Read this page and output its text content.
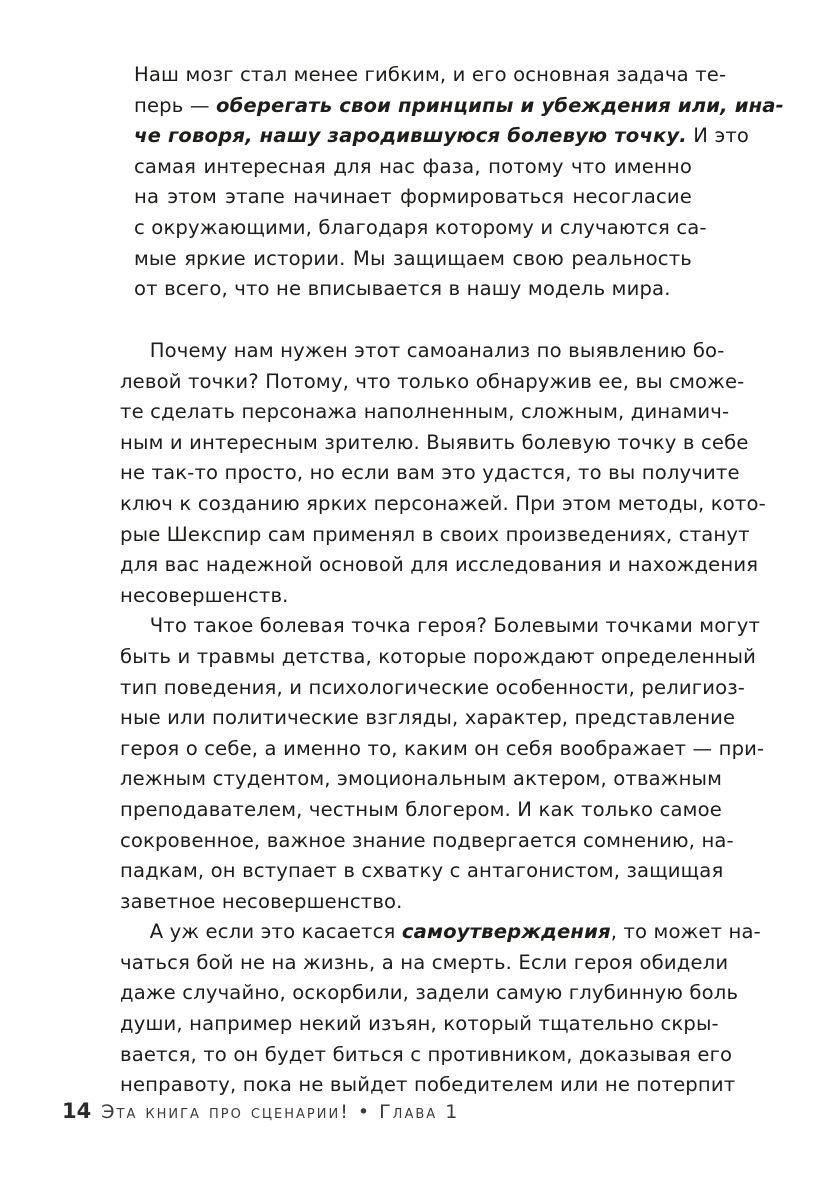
Наш мозг стал менее гибким, и его основная задача те-
перь — оберегать свои принципы и убеждения или, ина-
че говоря, нашу зародившуюся болевую точку. И это
самая интересная для нас фаза, потому что именно
на этом этапе начинает формироваться несогласие
с окружающими, благодаря которому и случаются са-
мые яркие истории. Мы защищаем свою реальность
от всего, что не вписывается в нашу модель мира.

  Почему нам нужен этот самоанализ по выявлению бо-
левой точки? Потому, что только обнаружив ее, вы сможе-
те сделать персонажа наполненным, сложным, динамич-
ным и интересным зрителю. Выявить болевую точку в себе
не так-то просто, но если вам это удастся, то вы получите
ключ к созданию ярких персонажей. При этом методы, кото-
рые Шекспир сам применял в своих произведениях, станут
для вас надежной основой для исследования и нахождения
несовершенств.

  Что такое болевая точка героя? Болевыми точками могут
быть и травмы детства, которые порождают определенный
тип поведения, и психологические особенности, религиоз-
ные или политические взгляды, характер, представление
героя о себе, а именно то, каким он себя воображает — при-
лежным студентом, эмоциональным актером, отважным
преподавателем, честным блогером. И как только самое
сокровенное, важное знание подвергается сомнению, на-
падкам, он вступает в схватку с антагонистом, защищая
заветное несовершенство.

  А уж если это касается самоутверждения, то может на-
чаться бой не на жизнь, а на смерть. Если героя обидели
даже случайно, оскорбили, задели самую глубинную боль
души, например некий изъян, который тщательно скры-
вается, то он будет биться с противником, доказывая его
неправоту, пока не выйдет победителем или не потерпит

14 Эта книга про сценарии! • Глава 1
